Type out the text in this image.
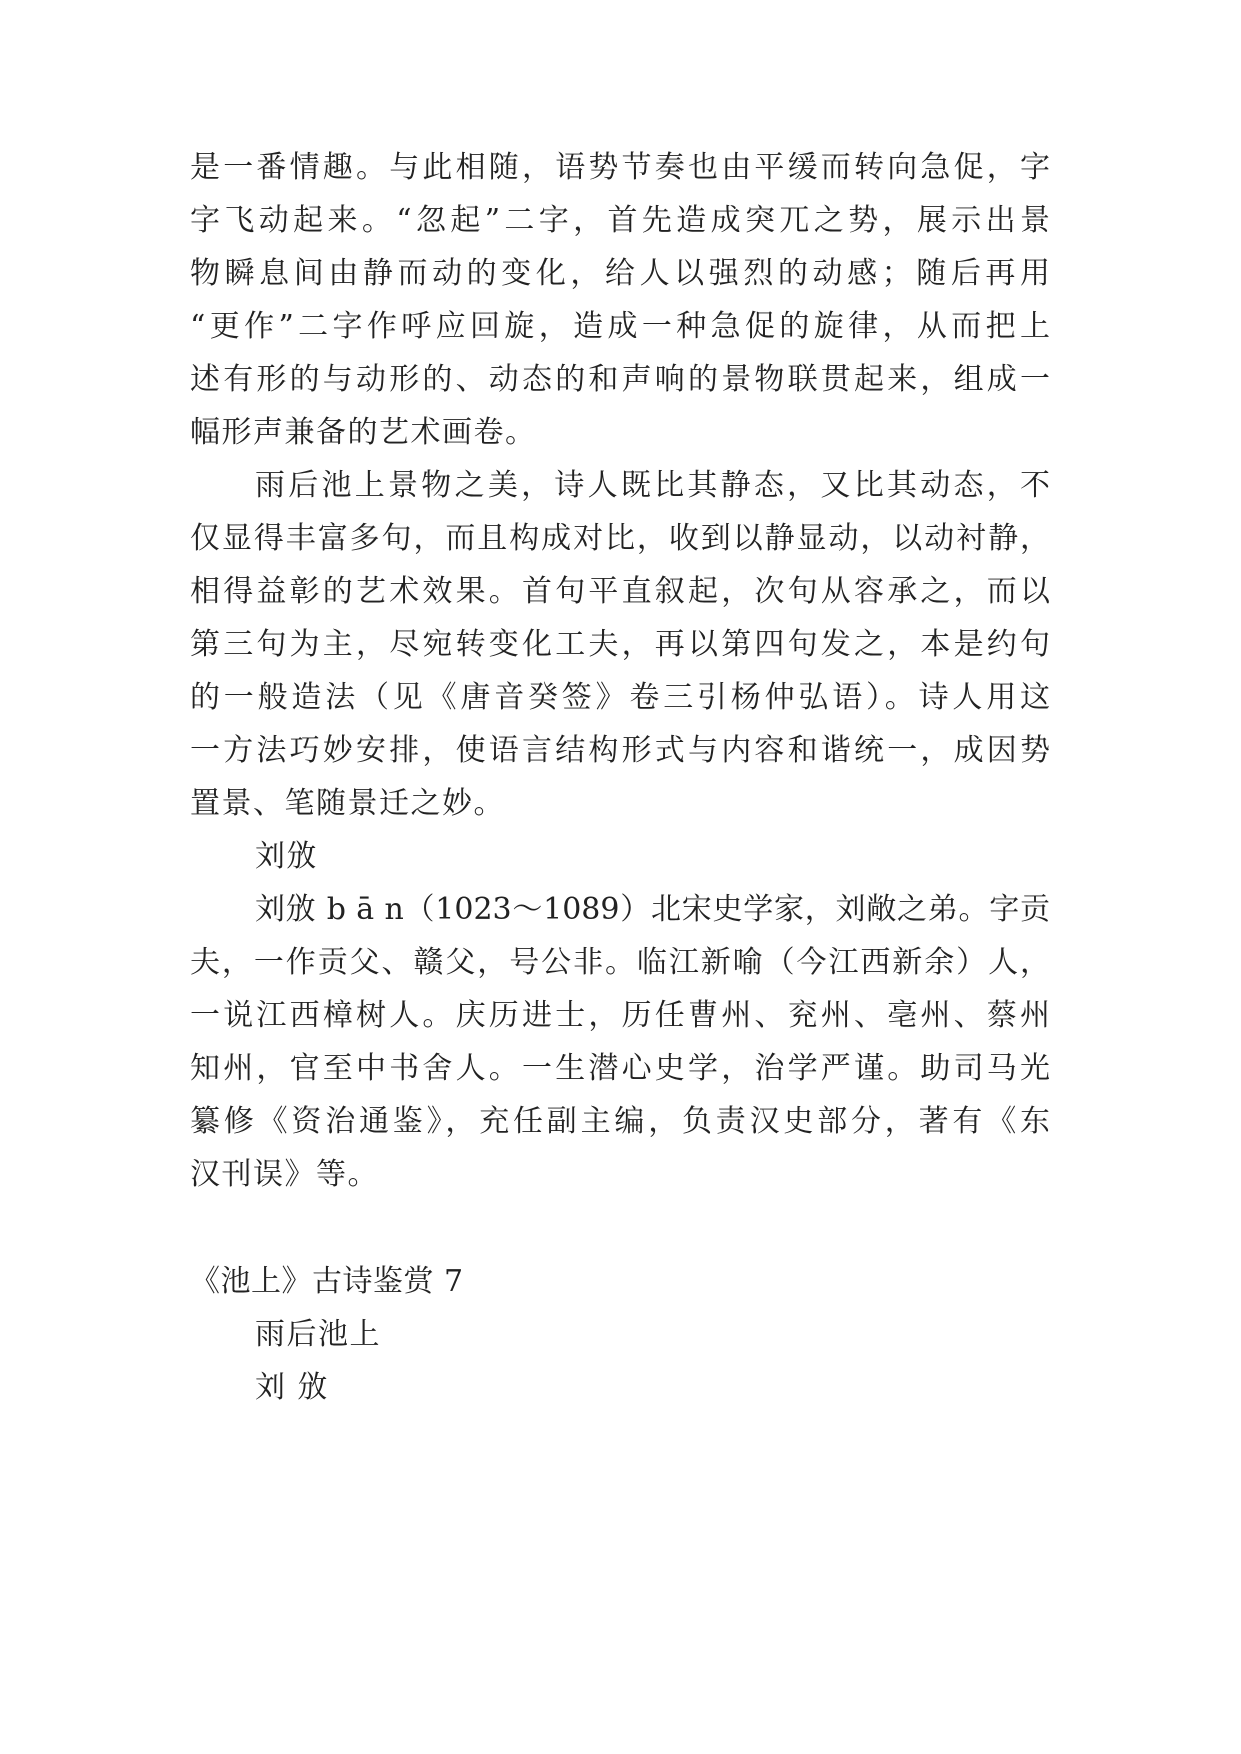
是一番情趣。与此相随，语势节奏也由平缓而转向急促，字
字飞动起来。“忽起”二字，首先造成突兀之势，展示出景
物瞬息间由静而动的变化，给人以强烈的动感；随后再用
“更作”二字作呼应回旋，造成一种急促的旋律，从而把上
述有形的与动形的、动态的和声响的景物联贯起来，组成一
幅形声兼备的艺术画卷。
雨后池上景物之美，诗人既比其静态，又比其动态，不
仅显得丰富多句，而且构成对比，收到以静显动，以动衬静，
相得益彰的艺术效果。首句平直叙起，次句从容承之，而以
第三句为主，尽宛转变化工夫，再以第四句发之，本是约句
的一般造法（见《唐音癸签》卷三引杨仲弘语）。诗人用这
一方法巧妙安排，使语言结构形式与内容和谐统一，成因势
置景、笔随景迁之妙。
刘攽
刘攽 b ā n（1023～1089）北宋史学家，刘敞之弟。字贡
夫，一作贡父、赣父，号公非。临江新喻（今江西新余）人，
一说江西樟树人。庆历进士，历任曹州、兖州、亳州、蔡州
知州，官至中书舍人。一生潜心史学，治学严谨。助司马光
纂修《资治通鉴》，充任副主编，负责汉史部分，著有《东
汉刊误》等。
《池上》古诗鉴赏 7
雨后池上
刘 攽
